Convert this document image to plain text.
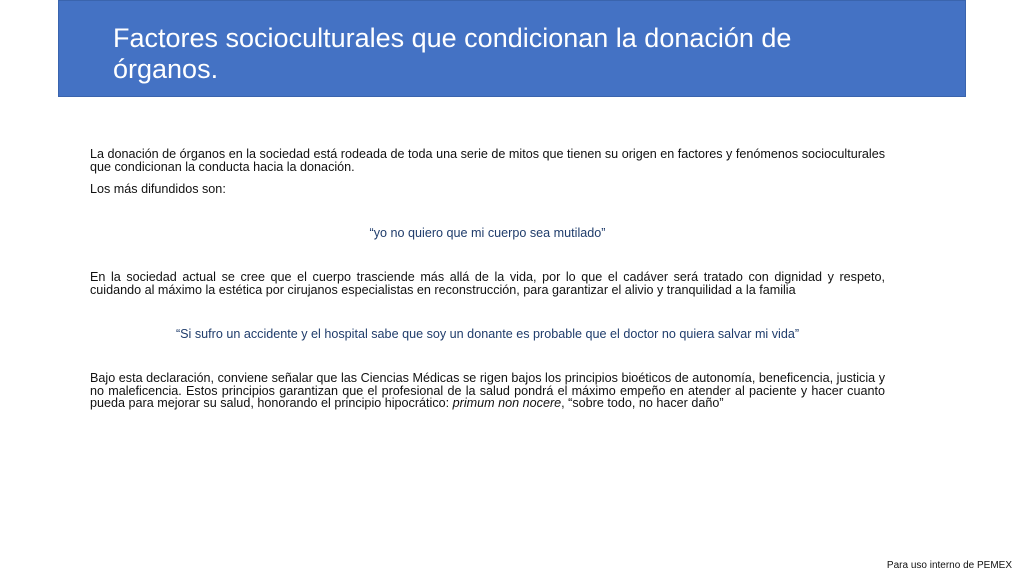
Factores socioculturales que condicionan la donación de órganos.

La donación de órganos en la sociedad está rodeada de toda una serie de mitos que tienen su origen en factores y fenómenos socioculturales que condicionan la conducta hacia la donación.

Los más difundidos son:
“yo no quiero que mi cuerpo sea mutilado”
En la sociedad actual se cree que el cuerpo trasciende más allá de la vida, por lo que el cadáver será tratado con dignidad y respeto, cuidando al máximo la estética por cirujanos especialistas en reconstrucción, para garantizar el alivio y tranquilidad a la familia
“Si sufro un accidente y el hospital sabe que soy un donante es probable que el doctor no quiera salvar mi vida”
Bajo esta declaración, conviene señalar que las Ciencias Médicas se rigen bajos los principios bioéticos de autonomía, beneficencia, justicia y no maleficencia. Estos principios garantizan que el profesional de la salud pondrá el máximo empeño en atender al paciente y hacer cuanto pueda para mejorar su salud, honorando el principio hipocrático: primum non nocere, “sobre todo, no hacer daño”
Para uso interno de PEMEX
